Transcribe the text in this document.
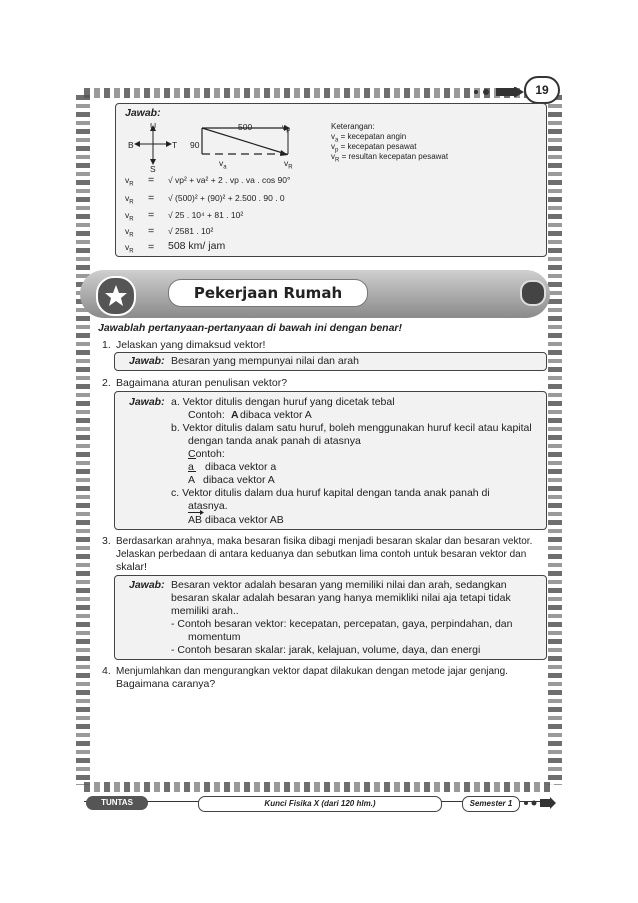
19
Jawab:
U
S
B	T
500	$v_P$
90
$v_a$	$v_R$
Keterangan:
$v_a$ = kecepatan angin
$v_p$ = kecepatan pesawat
$v_R$ = resultan kecepatan pesawat
$v_R$ = √ vp² + va² + 2 . vp . va . cos 90°
$v_R$ = √ (500)² + (90)² + 2.500 . 90 . 0
$v_R$ = √ 25 . 10⁴ + 81 . 10²
$v_R$ = √ 2581 . 10²
$v_R = 508$ km/ jam
Pekerjaan Rumah
Jawablah pertanyaan-pertanyaan di bawah ini dengan benar!
1. Jelaskan yang dimaksud vektor!
Jawab: Besaran yang mempunyai nilai dan arah
2. Bagaimana aturan penulisan vektor?
Jawab: a. Vektor ditulis dengan huruf yang dicetak tebal
Contoh: A dibaca vektor A
b. Vektor ditulis dalam satu huruf, boleh menggunakan huruf kecil atau kapital
dengan tanda anak panah di atasnya
Contoh:
a dibaca vektor a
A dibaca vektor A
c. Vektor ditulis dalam dua huruf kapital dengan tanda anak panah di
atasnya.
AB dibaca vektor AB
3. Berdasarkan arahnya, maka besaran fisika dibagi menjadi besaran skalar dan besaran vektor.
Jelaskan perbedaan di antara keduanya dan sebutkan lima contoh untuk besaran vektor dan
skalar!
Jawab: Besaran vektor adalah besaran yang memiliki nilai dan arah, sedangkan
besaran skalar adalah besaran yang hanya memikliki nilai aja tetapi tidak
memiliki arah..
- Contoh besaran vektor: kecepatan, percepatan, gaya, perpindahan, dan
momentum
- Contoh besaran skalar: jarak, kelajuan, volume, daya, dan energi
4. Menjumlahkan dan mengurangkan vektor dapat dilakukan dengan metode jajar genjang.
Bagaimana caranya?
TUNTAS	Kunci Fisika X (dari 120 hlm.)	Semester 1
